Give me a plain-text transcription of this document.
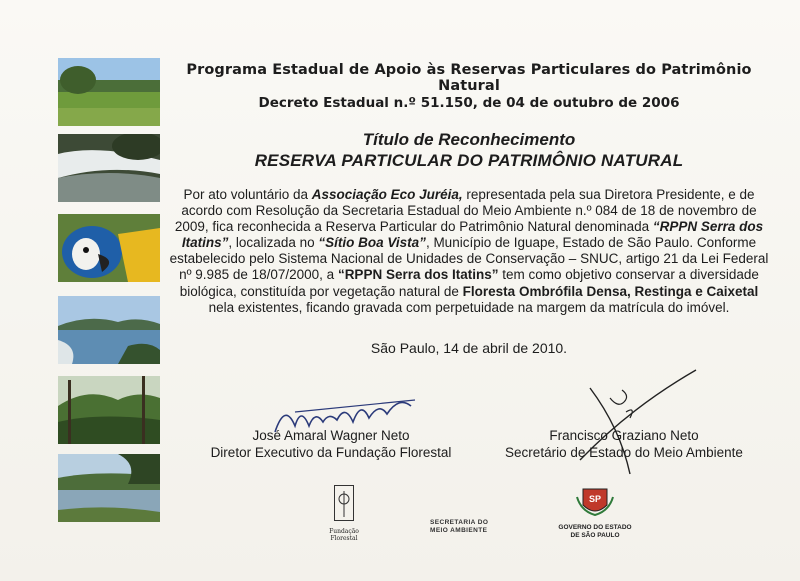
Programa Estadual de Apoio às Reservas Particulares do Patrimônio Natural
Decreto Estadual n.º 51.150, de 04 de outubro de 2006
Título de Reconhecimento
RESERVA PARTICULAR DO PATRIMÔNIO NATURAL
Por ato voluntário da Associação Eco Juréia, representada pela sua Diretora Presidente, e de acordo com Resolução da Secretaria Estadual do Meio Ambiente n.º 084 de 18 de novembro de 2009, fica reconhecida a Reserva Particular do Patrimônio Natural denominada “RPPN Serra dos Itatins”, localizada no “Sítio Boa Vista”, Município de Iguape, Estado de São Paulo. Conforme estabelecido pelo Sistema Nacional de Unidades de Conservação – SNUC, artigo 21 da Lei Federal nº 9.985 de 18/07/2000, a “RPPN Serra dos Itatins” tem como objetivo conservar a diversidade biológica, constituída por vegetação natural de Floresta Ombrófila Densa, Restinga e Caixetal nela existentes, ficando gravada com perpetuidade na margem da matrícula do imóvel.
São Paulo, 14 de abril de 2010.
José Amaral Wagner Neto
Diretor Executivo da Fundação Florestal
Francisco Graziano Neto
Secretário de Estado do Meio Ambiente
Fundação Florestal
SECRETARIA DO MEIO AMBIENTE
SP
GOVERNO DO ESTADO DE SÃO PAULO
